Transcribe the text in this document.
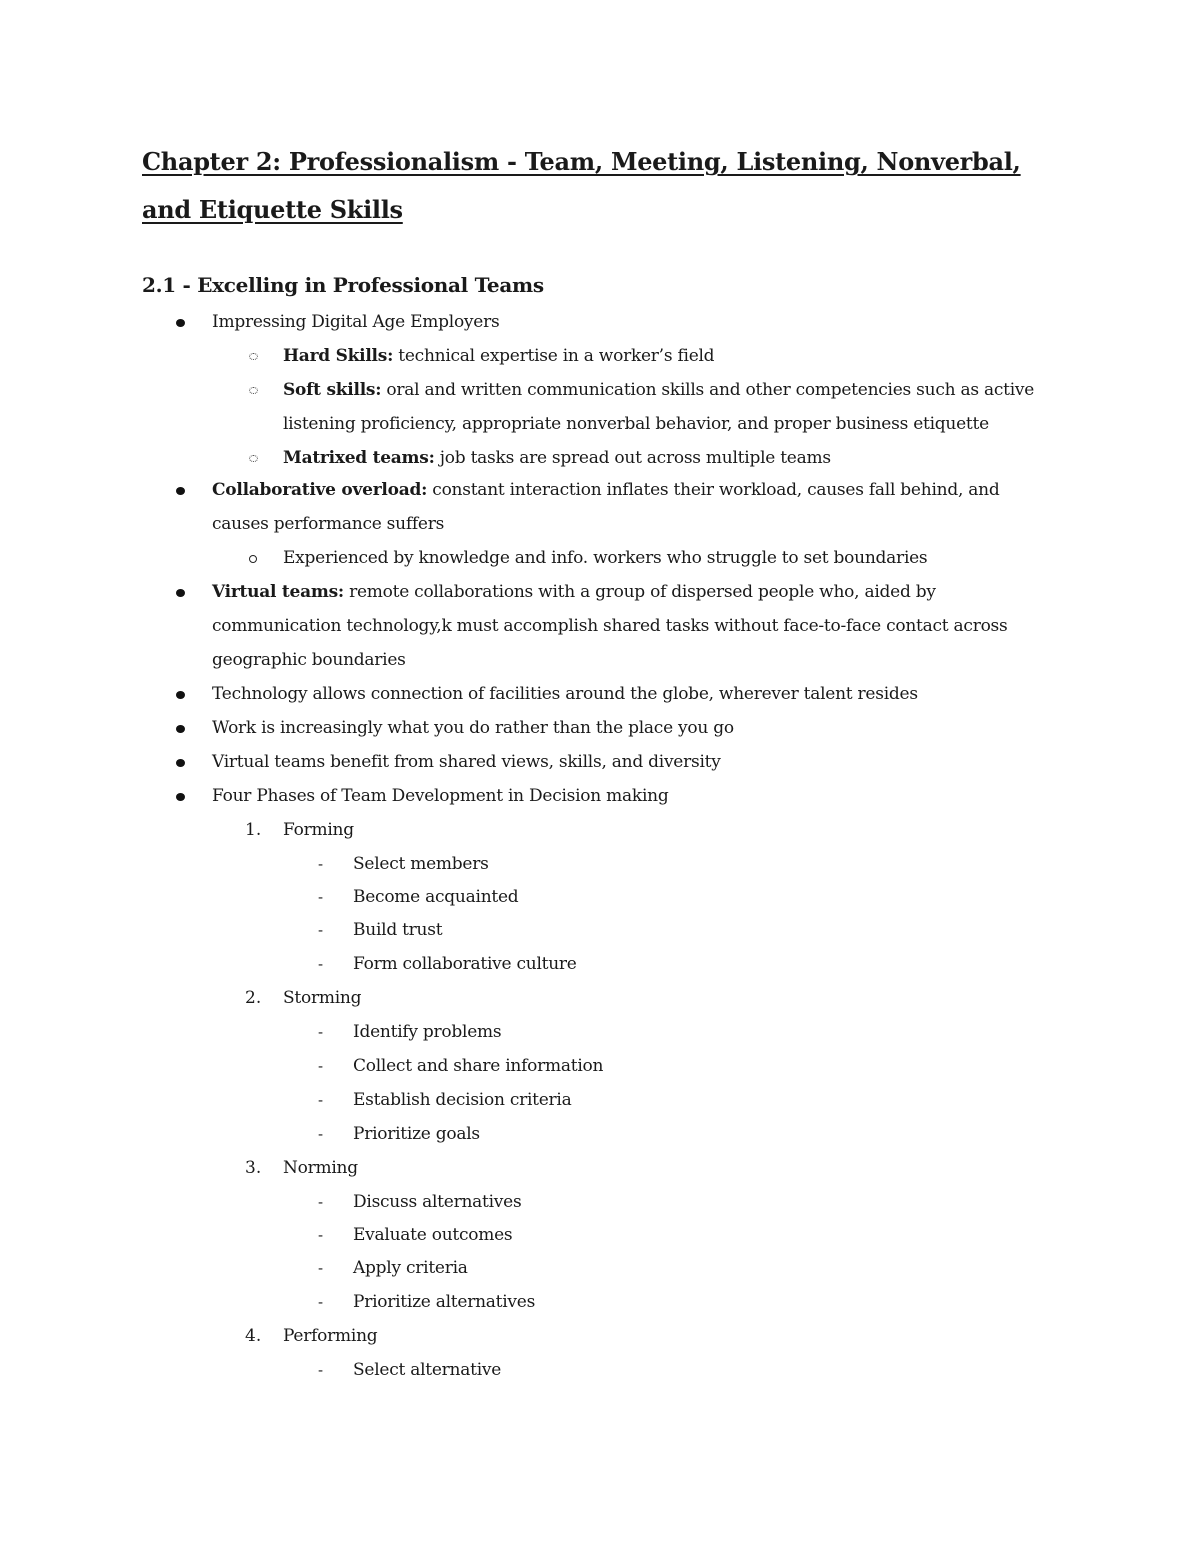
Chapter 2: Professionalism - Team, Meeting, Listening, Nonverbal, and Etiquette Skills
2.1 - Excelling in Professional Teams
Impressing Digital Age Employers
Hard Skills: technical expertise in a worker’s field
Soft skills: oral and written communication skills and other competencies such as active
listening proficiency, appropriate nonverbal behavior, and proper business etiquette
Matrixed teams: job tasks are spread out across multiple teams
Collaborative overload: constant interaction inflates their workload, causes fall behind, and
causes performance suffers
Experienced by knowledge and info. workers who struggle to set boundaries
Virtual teams: remote collaborations with a group of dispersed people who, aided by
communication technology,k must accomplish shared tasks without face-to-face contact across
geographic boundaries
Technology allows connection of facilities around the globe, wherever talent resides
Work is increasingly what you do rather than the place you go
Virtual teams benefit from shared views, skills, and diversity
Four Phases of Team Development in Decision making
1. Forming
- Select members
- Become acquainted
- Build trust
- Form collaborative culture
2. Storming
- Identify problems
- Collect and share information
- Establish decision criteria
- Prioritize goals
3. Norming
- Discuss alternatives
- Evaluate outcomes
- Apply criteria
- Prioritize alternatives
4. Performing
- Select alternative
